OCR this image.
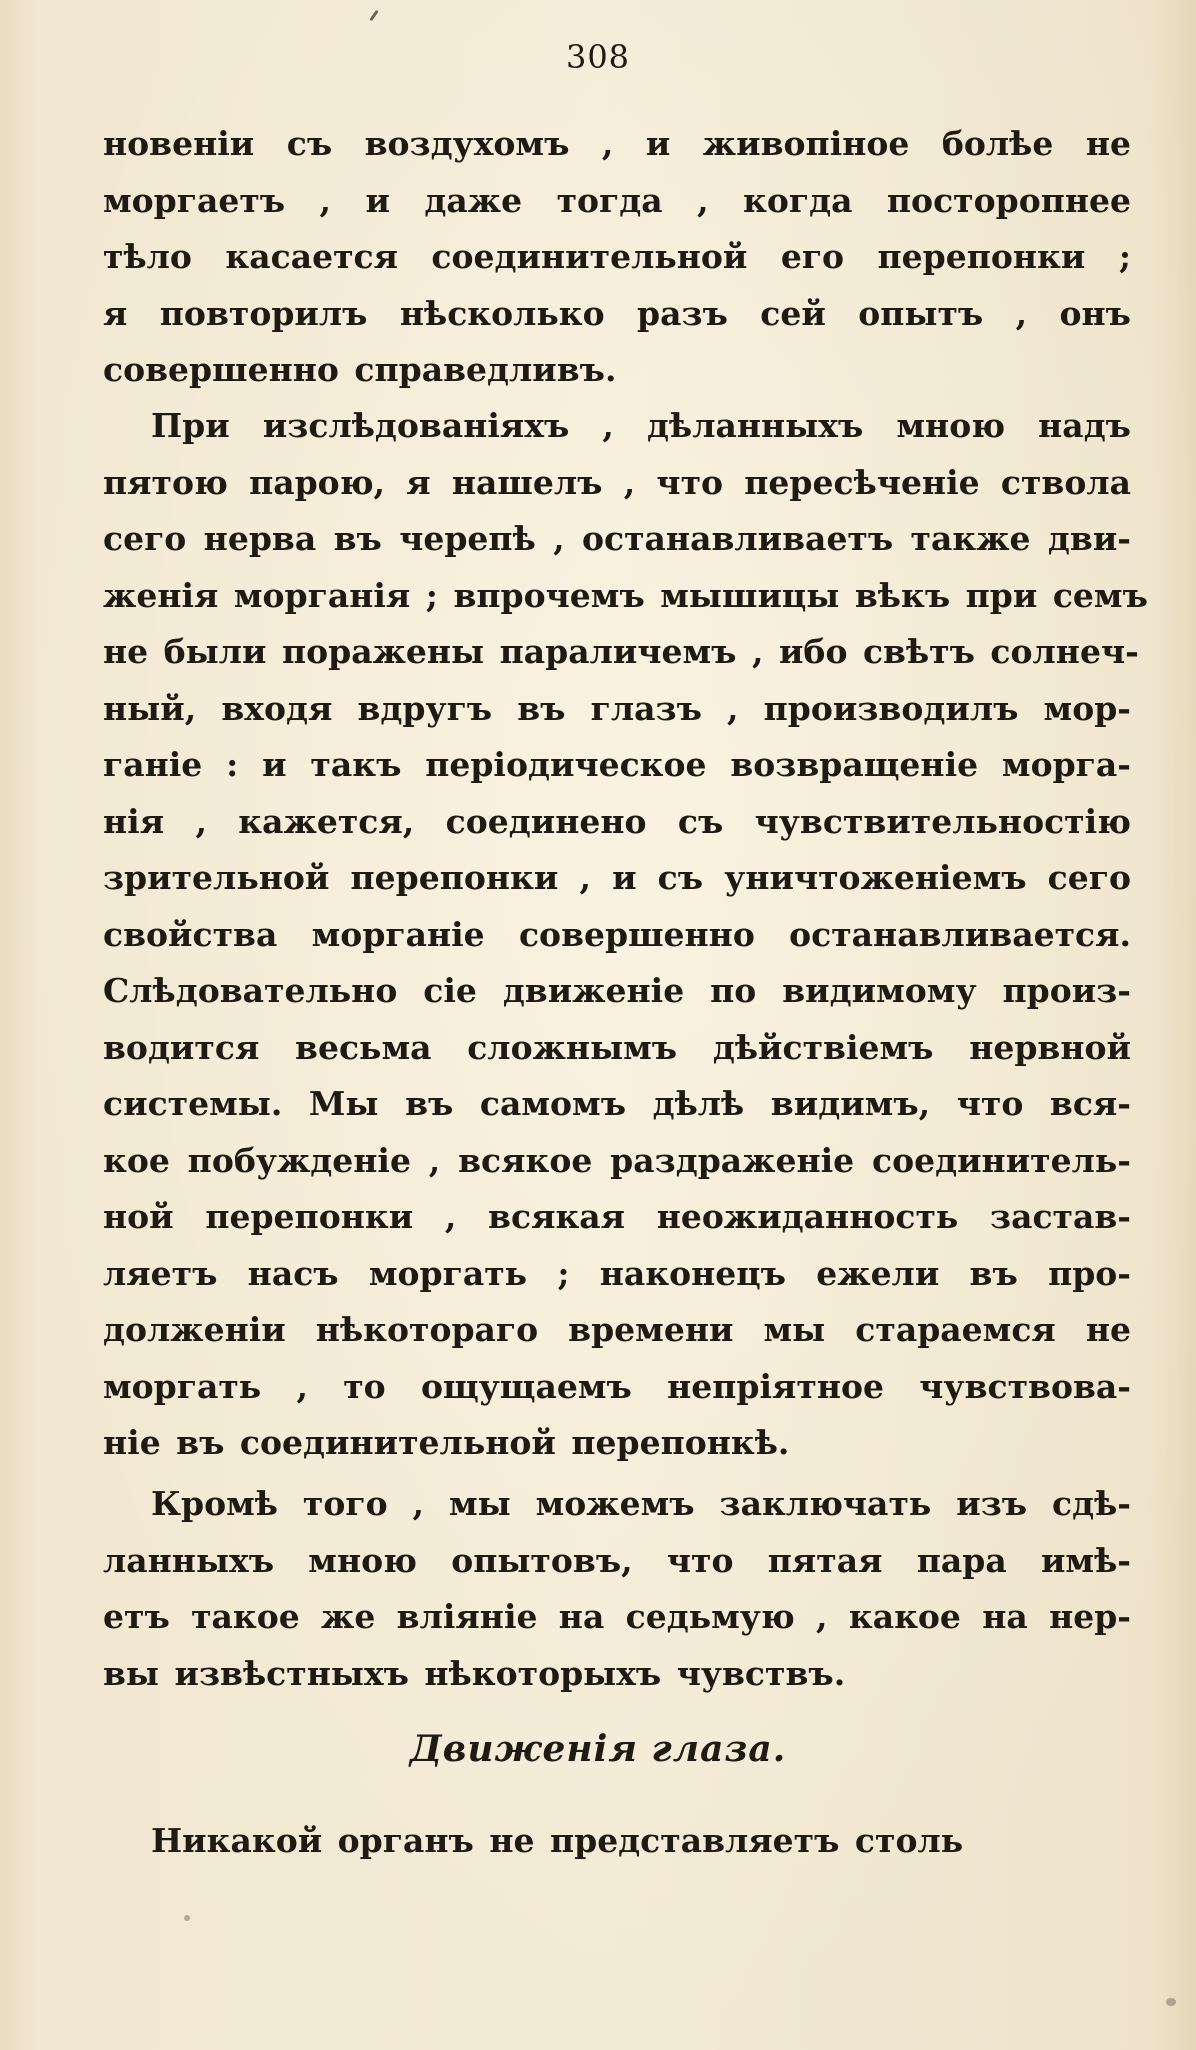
308
новеніи съ воздухомъ , и живопіное болѣе не
моргаетъ , и даже тогда , когда посторопнее
тѣло касается соединительной его перепонки ;
я повторилъ нѣсколько разъ сей опытъ , онъ
совершенно справедливъ.
При изслѣдованіяхъ , дѣланныхъ мною надъ
пятою парою, я нашелъ , что пересѣченіе ствола
сего нерва въ черепѣ , останавливаетъ также дви-
женія морганія ; впрочемъ мышицы вѣкъ при семъ
не были поражены параличемъ , ибо свѣтъ солнеч-
ный, входя вдругъ въ глазъ , производилъ мор-
ганіе : и такъ періодическое возвращеніе морга-
нія , кажется, соединено съ чувствительностію
зрительной перепонки , и съ уничтоженіемъ сего
свойства морганіе совершенно останавливается.
Слѣдовательно сіе движеніе по видимому произ-
водится весьма сложнымъ дѣйствіемъ нервной
системы. Мы въ самомъ дѣлѣ видимъ, что вся-
кое побужденіе , всякое раздраженіе соединитель-
ной перепонки , всякая неожиданность застав-
ляетъ насъ моргать ; наконецъ ежели въ про-
долженіи нѣкотораго времени мы стараемся не
моргать , то ощущаемъ непріятное чувствова-
ніе въ соединительной перепонкѣ.
Кромѣ того , мы можемъ заключать изъ сдѣ-
ланныхъ мною опытовъ, что пятая пара имѣ-
етъ такое же вліяніе на седьмую , какое на нер-
вы извѣстныхъ нѣкоторыхъ чувствъ.
Движенія глаза.
Никакой органъ не представляетъ столь
